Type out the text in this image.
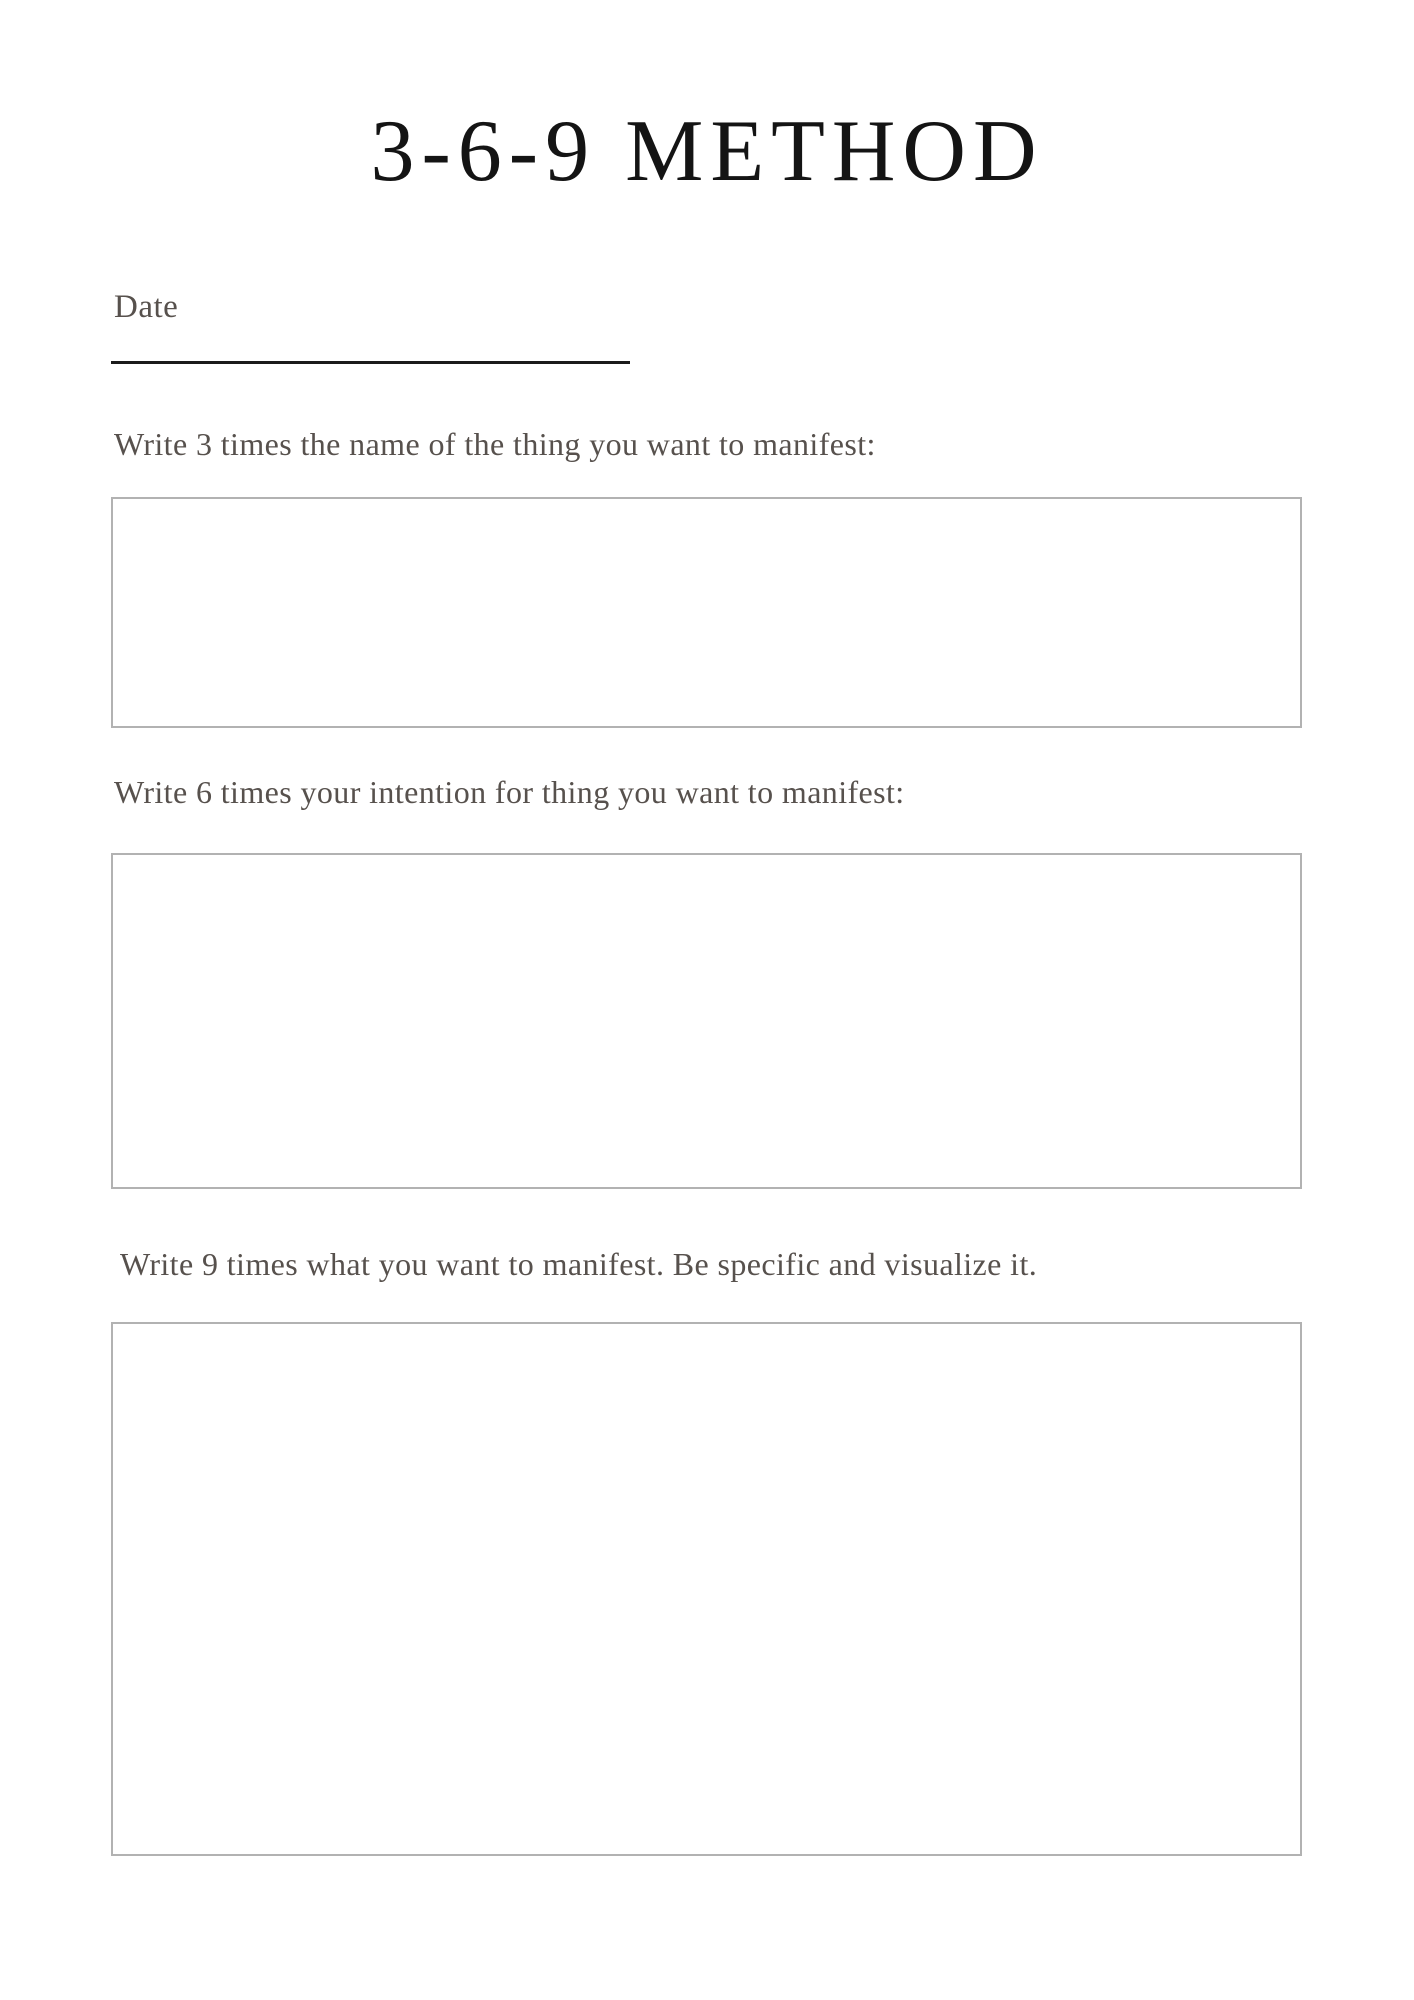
3-6-9 METHOD
Date
Write 3 times the name of the thing you want to manifest:
Write 6 times your intention for thing you want to manifest:
Write 9 times what you want to manifest. Be specific and visualize it.
